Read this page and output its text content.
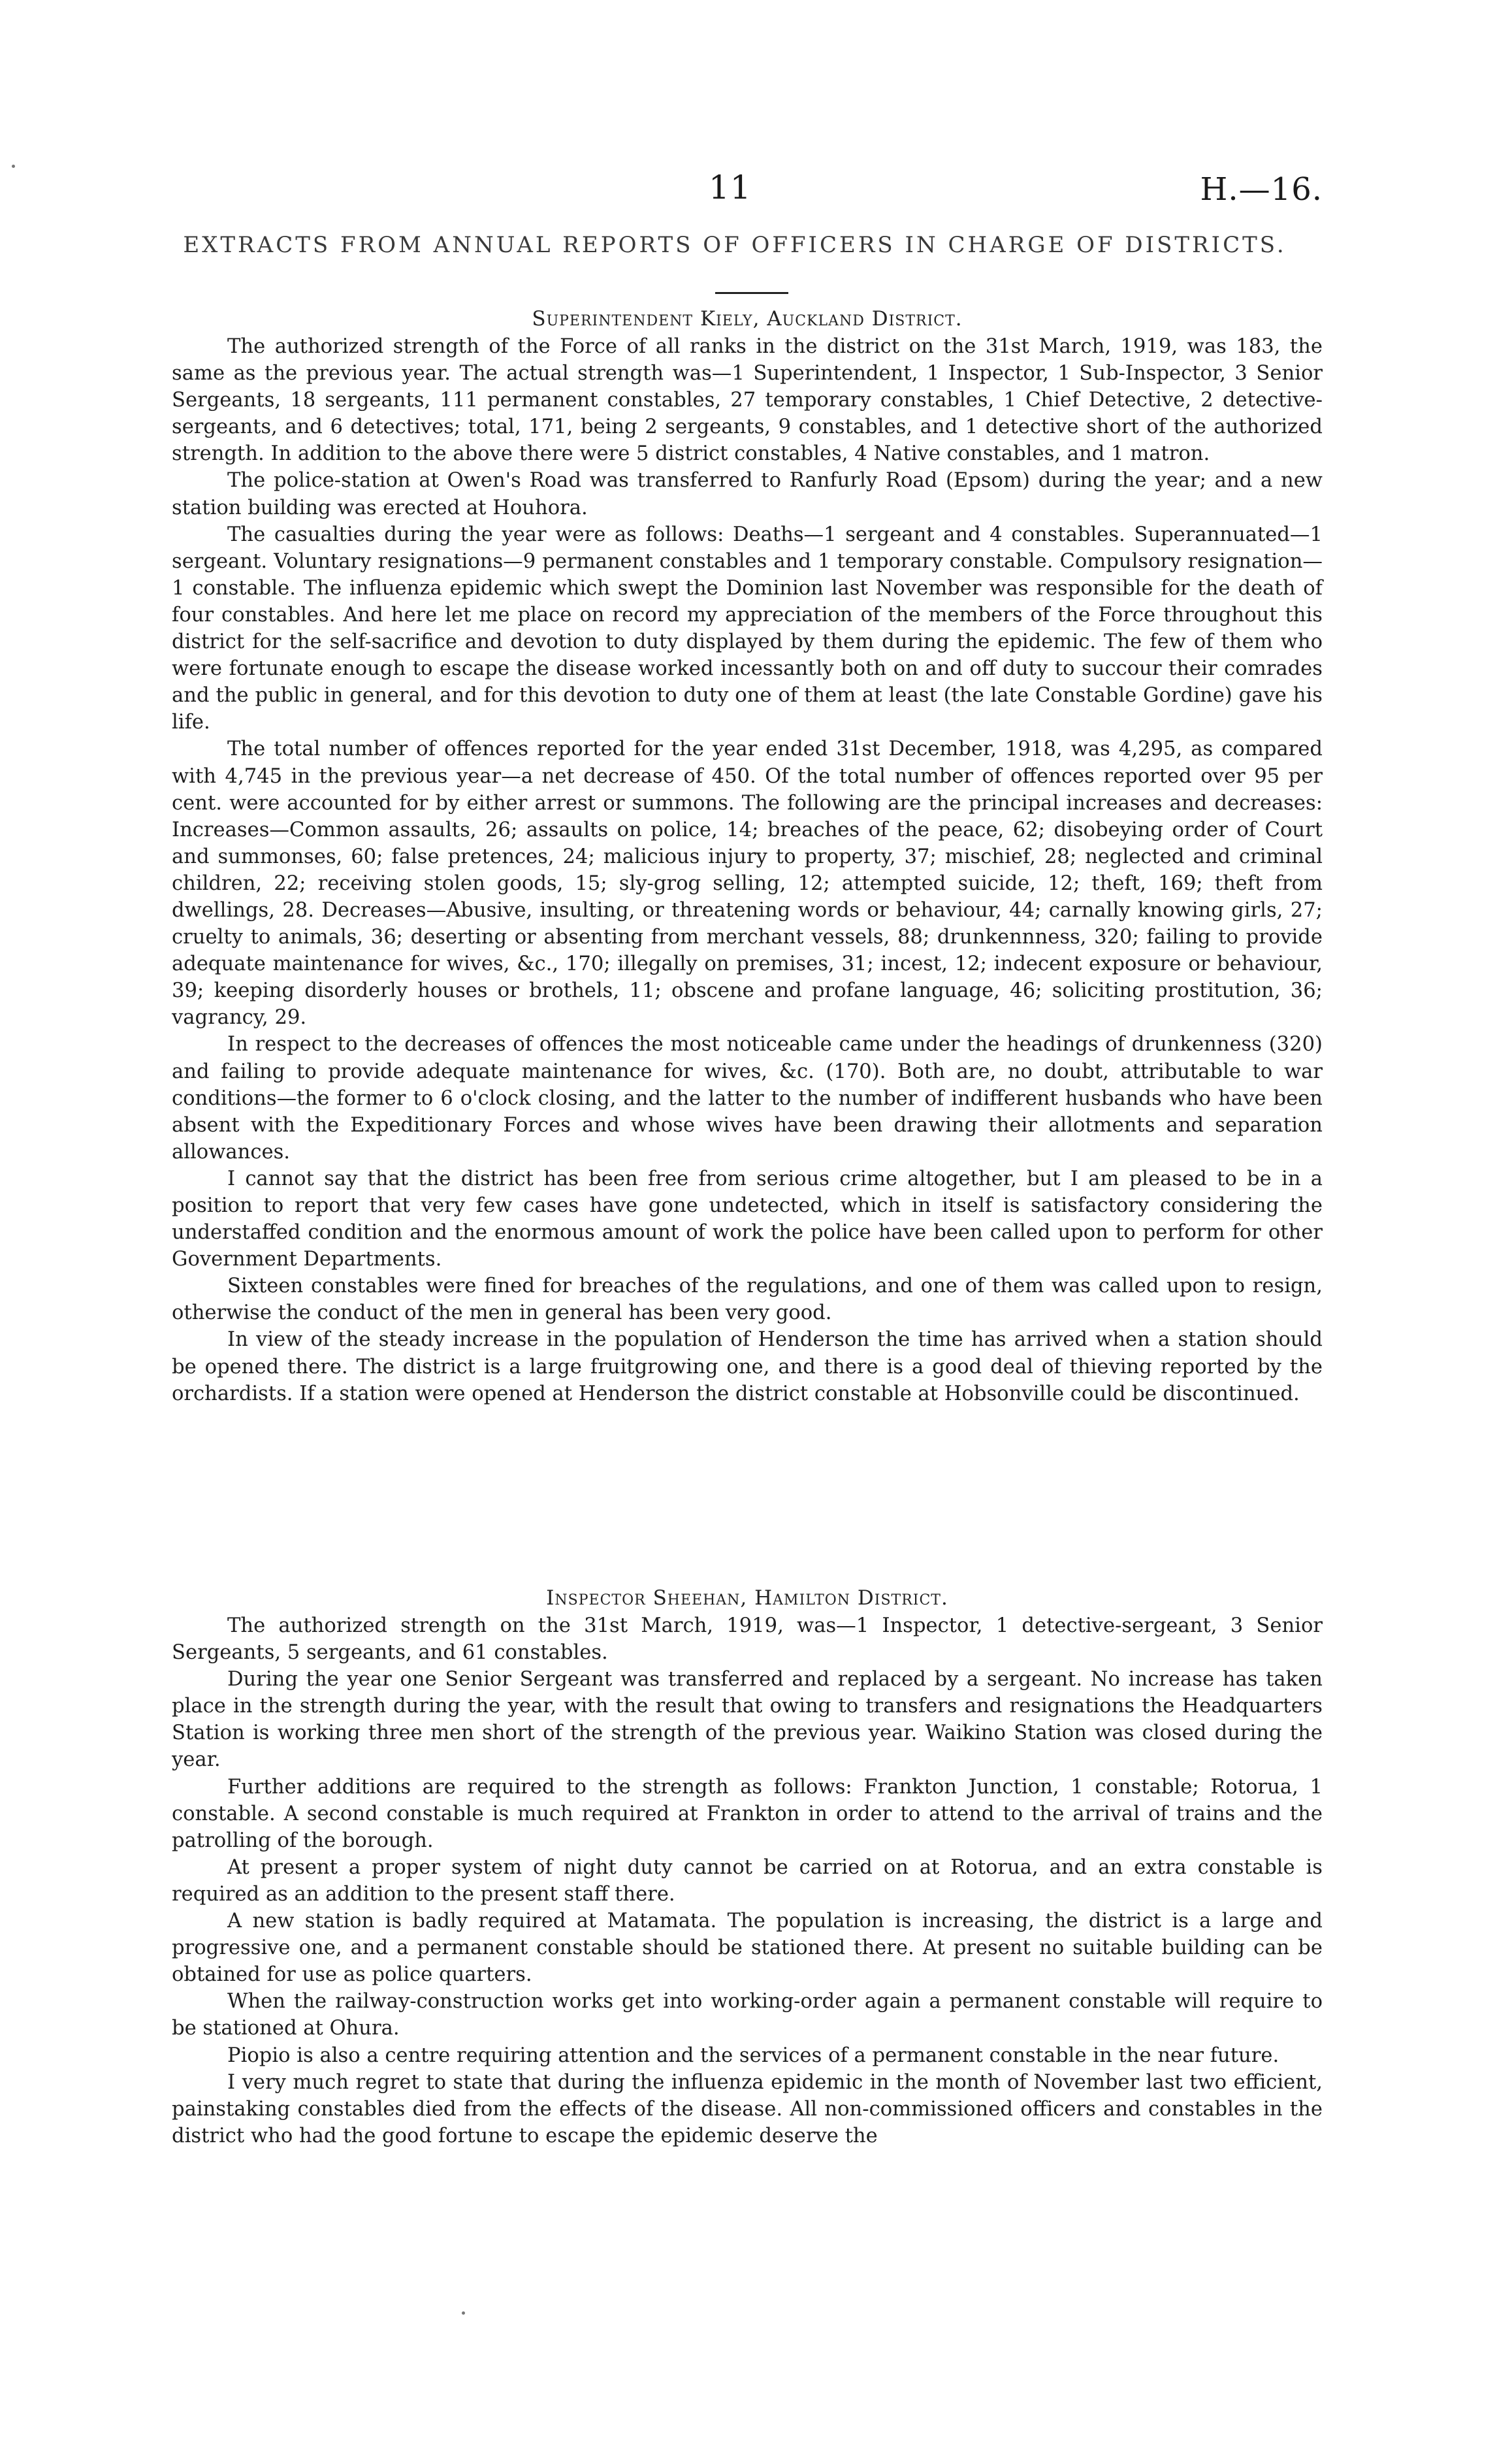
11	H.—16.
EXTRACTS FROM ANNUAL REPORTS OF OFFICERS IN CHARGE OF DISTRICTS.
Superintendent Kiely, Auckland District.

The authorized strength of the Force of all ranks in the district on the 31st March, 1919, was 183, the same as the previous year. The actual strength was—1 Superintendent, 1 Inspector, 1 Sub-Inspector, 3 Senior Sergeants, 18 sergeants, 111 permanent constables, 27 temporary constables, 1 Chief Detective, 2 detective-sergeants, and 6 detectives; total, 171, being 2 sergeants, 9 constables, and 1 detective short of the authorized strength. In addition to the above there were 5 district constables, 4 Native constables, and 1 matron.

The police-station at Owen's Road was transferred to Ranfurly Road (Epsom) during the year; and a new station building was erected at Houhora.

The casualties during the year were as follows: Deaths—1 sergeant and 4 constables. Superannuated—1 sergeant. Voluntary resignations—9 permanent constables and 1 temporary constable. Compulsory resignation—1 constable. The influenza epidemic which swept the Dominion last November was responsible for the death of four constables. And here let me place on record my appreciation of the members of the Force throughout this district for the self-sacrifice and devotion to duty displayed by them during the epidemic. The few of them who were fortunate enough to escape the disease worked incessantly both on and off duty to succour their comrades and the public in general, and for this devotion to duty one of them at least (the late Constable Gordine) gave his life.

The total number of offences reported for the year ended 31st December, 1918, was 4,295, as compared with 4,745 in the previous year—a net decrease of 450. Of the total number of offences reported over 95 per cent. were accounted for by either arrest or summons. The following are the principal increases and decreases: Increases—Common assaults, 26; assaults on police, 14; breaches of the peace, 62; disobeying order of Court and summonses, 60; false pretences, 24; malicious injury to property, 37; mischief, 28; neglected and criminal children, 22; receiving stolen goods, 15; sly-grog selling, 12; attempted suicide, 12; theft, 169; theft from dwellings, 28. Decreases—Abusive, insulting, or threatening words or behaviour, 44; carnally knowing girls, 27; cruelty to animals, 36; deserting or absenting from merchant vessels, 88; drunkennness, 320; failing to provide adequate maintenance for wives, &c., 170; illegally on premises, 31; incest, 12; indecent exposure or behaviour, 39; keeping disorderly houses or brothels, 11; obscene and profane language, 46; soliciting prostitution, 36; vagrancy, 29.

In respect to the decreases of offences the most noticeable came under the headings of drunkenness (320) and failing to provide adequate maintenance for wives, &c. (170). Both are, no doubt, attributable to war conditions—the former to 6 o'clock closing, and the latter to the number of indifferent husbands who have been absent with the Expeditionary Forces and whose wives have been drawing their allotments and separation allowances.

I cannot say that the district has been free from serious crime altogether, but I am pleased to be in a position to report that very few cases have gone undetected, which in itself is satisfactory considering the understaffed condition and the enormous amount of work the police have been called upon to perform for other Government Departments.

Sixteen constables were fined for breaches of the regulations, and one of them was called upon to resign, otherwise the conduct of the men in general has been very good.

In view of the steady increase in the population of Henderson the time has arrived when a station should be opened there. The district is a large fruitgrowing one, and there is a good deal of thieving reported by the orchardists. If a station were opened at Henderson the district constable at Hobsonville could be discontinued.

Inspector Sheehan, Hamilton District.

The authorized strength on the 31st March, 1919, was—1 Inspector, 1 detective-sergeant, 3 Senior Sergeants, 5 sergeants, and 61 constables.

During the year one Senior Sergeant was transferred and replaced by a sergeant. No increase has taken place in the strength during the year, with the result that owing to transfers and resignations the Headquarters Station is working three men short of the strength of the previous year. Waikino Station was closed during the year.

Further additions are required to the strength as follows: Frankton Junction, 1 constable; Rotorua, 1 constable. A second constable is much required at Frankton in order to attend to the arrival of trains and the patrolling of the borough.

At present a proper system of night duty cannot be carried on at Rotorua, and an extra constable is required as an addition to the present staff there.

A new station is badly required at Matamata. The population is increasing, the district is a large and progressive one, and a permanent constable should be stationed there. At present no suitable building can be obtained for use as police quarters.

When the railway-construction works get into working-order again a permanent constable will require to be stationed at Ohura.

Piopio is also a centre requiring attention and the services of a permanent constable in the near future.

I very much regret to state that during the influenza epidemic in the month of November last two efficient, painstaking constables died from the effects of the disease. All non-commissioned officers and constables in the district who had the good fortune to escape the epidemic deserve the
